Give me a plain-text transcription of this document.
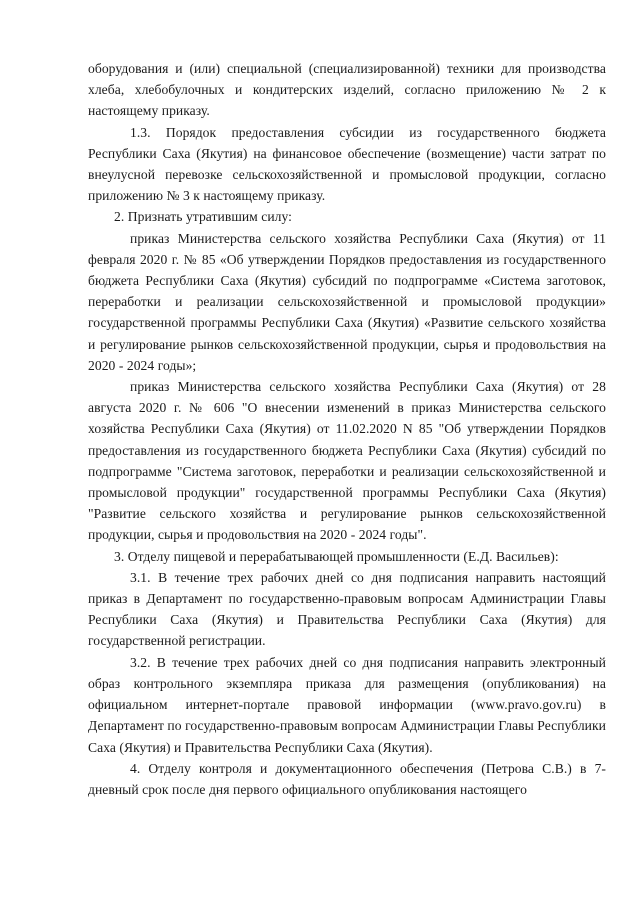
оборудования и (или) специальной (специализированной) техники для производства хлеба, хлебобулочных и кондитерских изделий, согласно приложению № 2 к настоящему приказу.

1.3. Порядок предоставления субсидии из государственного бюджета Республики Саха (Якутия) на финансовое обеспечение (возмещение) части затрат по внеулусной перевозке сельскохозяйственной и промысловой продукции, согласно приложению № 3 к настоящему приказу.

2. Признать утратившим силу:

приказ Министерства сельского хозяйства Республики Саха (Якутия) от 11 февраля 2020 г. № 85 «Об утверждении Порядков предоставления из государственного бюджета Республики Саха (Якутия) субсидий по подпрограмме «Система заготовок, переработки и реализации сельскохозяйственной и промысловой продукции» государственной программы Республики Саха (Якутия) «Развитие сельского хозяйства и регулирование рынков сельскохозяйственной продукции, сырья и продовольствия на 2020 - 2024 годы»;

приказ Министерства сельского хозяйства Республики Саха (Якутия) от 28 августа 2020 г. № 606 "О внесении изменений в приказ Министерства сельского хозяйства Республики Саха (Якутия) от 11.02.2020 N 85 "Об утверждении Порядков предоставления из государственного бюджета Республики Саха (Якутия) субсидий по подпрограмме "Система заготовок, переработки и реализации сельскохозяйственной и промысловой продукции" государственной программы Республики Саха (Якутия) "Развитие сельского хозяйства и регулирование рынков сельскохозяйственной продукции, сырья и продовольствия на 2020 - 2024 годы".

3. Отделу пищевой и перерабатывающей промышленности (Е.Д. Васильев):

3.1. В течение трех рабочих дней со дня подписания направить настоящий приказ в Департамент по государственно-правовым вопросам Администрации Главы Республики Саха (Якутия) и Правительства Республики Саха (Якутия) для государственной регистрации.

3.2. В течение трех рабочих дней со дня подписания направить электронный образ контрольного экземпляра приказа для размещения (опубликования) на официальном интернет-портале правовой информации (www.pravo.gov.ru) в Департамент по государственно-правовым вопросам Администрации Главы Республики Саха (Якутия) и Правительства Республики Саха (Якутия).

4. Отделу контроля и документационного обеспечения (Петрова С.В.) в 7-дневный срок после дня первого официального опубликования настоящего
